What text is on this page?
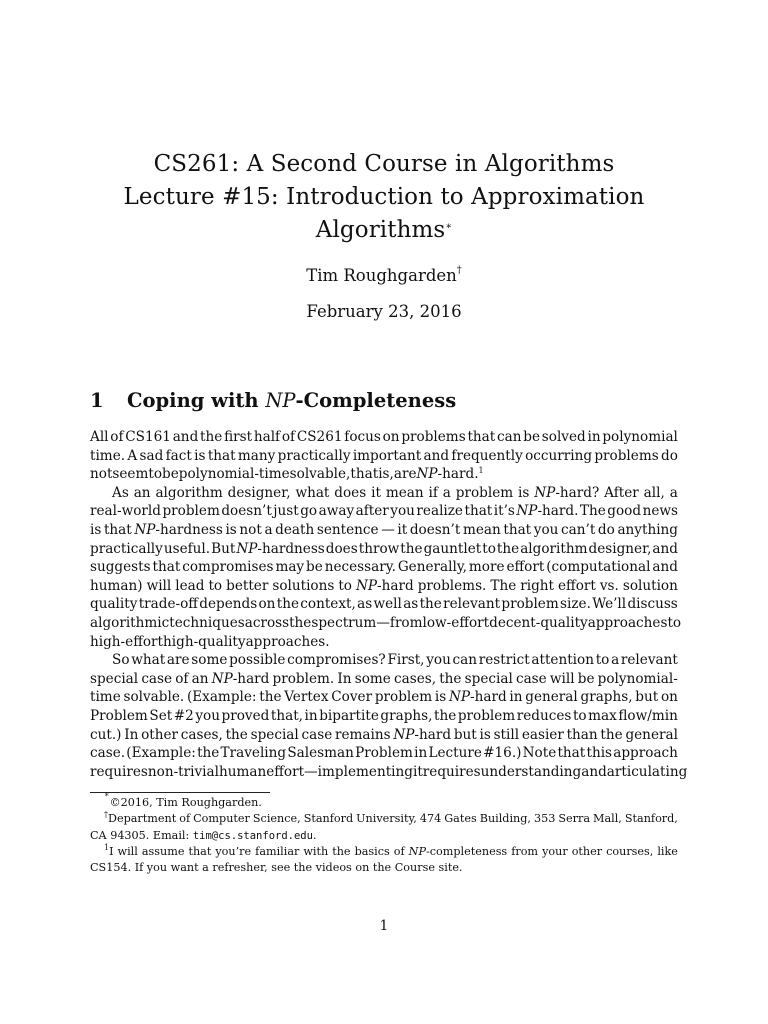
CS261: A Second Course in Algorithms
Lecture #15: Introduction to Approximation
Algorithms∗
Tim Roughgarden†
February 23, 2016
1 Coping with NP-Completeness
All of CS161 and the first half of CS261 focus on problems that can be solved in polynomial
time. A sad fact is that many practically important and frequently occurring problems do
not seem to be polynomial-time solvable, that is, are NP-hard.$^1$
As an algorithm designer, what does it mean if a problem is NP-hard? After all, a
real-world problem doesn’t just go away after you realize that it’s NP-hard. The good news
is that NP-hardness is not a death sentence — it doesn’t mean that you can’t do anything
practically useful. But NP-hardness does throw the gauntlet to the algorithm designer, and
suggests that compromises may be necessary. Generally, more effort (computational and
human) will lead to better solutions to NP-hard problems. The right effort vs. solution
quality trade-off depends on the context, as well as the relevant problem size. We’ll discuss
algorithmic techniques across the spectrum — from low-effort decent-quality approaches to
high-effort high-quality approaches.
So what are some possible compromises? First, you can restrict attention to a relevant
special case of an NP-hard problem. In some cases, the special case will be polynomial-
time solvable. (Example: the Vertex Cover problem is NP-hard in general graphs, but on
Problem Set #2 you proved that, in bipartite graphs, the problem reduces to max flow/min
cut.) In other cases, the special case remains NP-hard but is still easier than the general
case. (Example: the Traveling Salesman Problem in Lecture #16.) Note that this approach
requires non-trivial human effort — implementing it requires understanding and articulating
∗
©2016, Tim Roughgarden.
†Department of Computer Science, Stanford University, 474 Gates Building, 353 Serra Mall, Stanford,
CA 94305. Email:
tim@cs.stanford.edu .
$^1$I will assume that you’re familiar with the basics of NP-completeness from your other courses, like
CS154. If you want a refresher, see the videos on the Course site.
1
